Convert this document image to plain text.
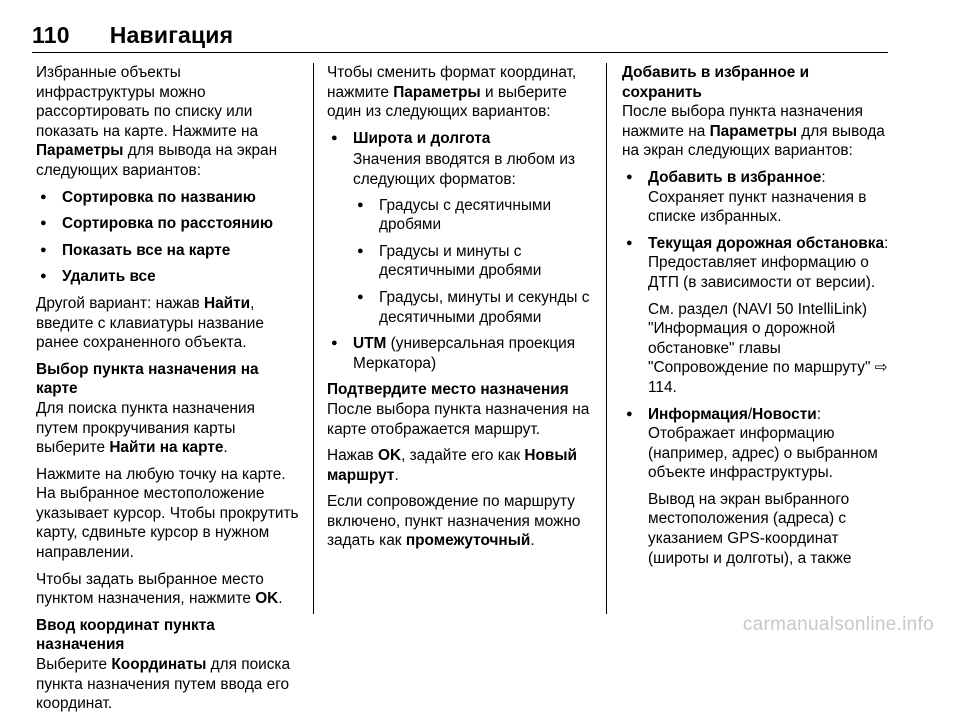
110 Навигация

Избранные объекты инфраструктуры можно рассортировать по списку или показать на карте. Нажмите на Параметры для вывода на экран следующих вариантов:

● Сортировка по названию
● Сортировка по расстоянию
● Показать все на карте
● Удалить все

Другой вариант: нажав Найти, введите с клавиатуры название ранее сохраненного объекта.

Выбор пункта назначения на карте

Для поиска пункта назначения путем прокручивания карты выберите Найти на карте.

Нажмите на любую точку на карте. На выбранное местоположение указывает курсор. Чтобы прокрутить карту, сдвиньте курсор в нужном направлении.

Чтобы задать выбранное место пунктом назначения, нажмите OK.

Ввод координат пункта назначения

Выберите Координаты для поиска пункта назначения путем ввода его координат.

Чтобы сменить формат координат, нажмите Параметры и выберите один из следующих вариантов:

● Широта и долгота
Значения вводятся в любом из следующих форматов:
● Градусы с десятичными дробями
● Градусы и минуты с десятичными дробями
● Градусы, минуты и секунды с десятичными дробями
● UTM (универсальная проекция Меркатора)

Подтвердите место назначения

После выбора пункта назначения на карте отображается маршрут.

Нажав OK, задайте его как Новый маршрут.

Если сопровождение по маршруту включено, пункт назначения можно задать как промежуточный.

Добавить в избранное и сохранить

После выбора пункта назначения нажмите на Параметры для вывода на экран следующих вариантов:

● Добавить в избранное: Сохраняет пункт назначения в списке избранных.
● Текущая дорожная обстановка: Предоставляет информацию о ДТП (в зависимости от версии).
См. раздел (NAVI 50 IntelliLink) "Информация о дорожной обстановке" главы "Сопровождение по маршруту" ⇨ 114.
● Информация/Новости: Отображает информацию (например, адрес) о выбранном объекте инфраструктуры.
Вывод на экран выбранного местоположения (адреса) с указанием GPS-координат (широты и долготы), а также
carmanualsonline.info
